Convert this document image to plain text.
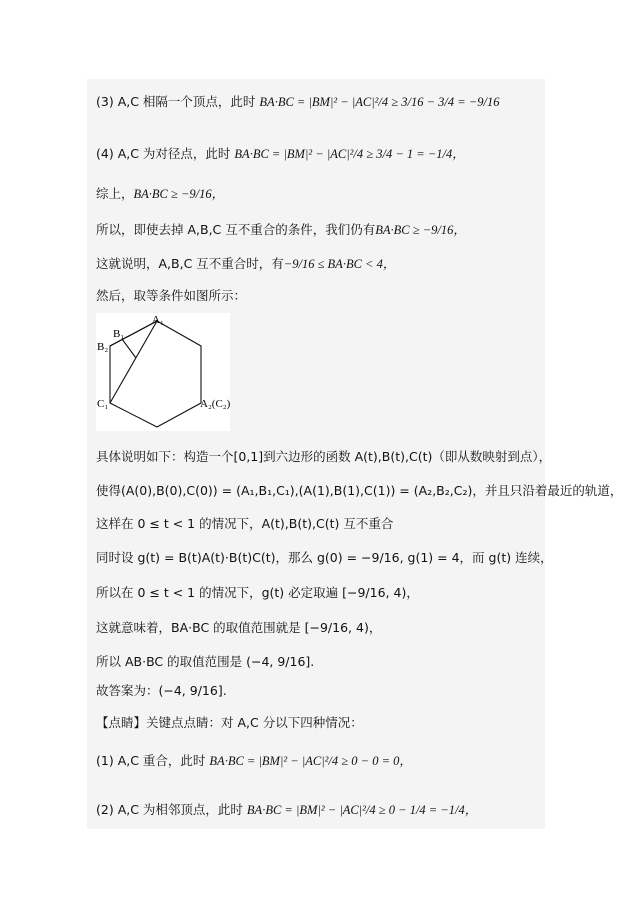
(3) A,C 相隔一个顶点，此时 BA·BC = |BM|² − |AC|²/4 ≥ 3/16 − 3/4 = −9/16
(4) A,C 为对径点，此时 BA·BC = |BM|² − |AC|²/4 ≥ 3/4 − 1 = −1/4，
综上，BA·BC ≥ −9/16，
所以，即使去掉 A,B,C 互不重合的条件，我们仍有BA·BC ≥ −9/16，
这就说明，A,B,C 互不重合时，有−9/16 ≤ BA·BC < 4，
然后，取等条件如图所示：
A₁
B₁
B₂
C₁	A₂(C₂)
具体说明如下：构造一个[0,1]到六边形的函数 A(t),B(t),C(t)（即从数映射到点），
使得(A(0),B(0),C(0)) = (A₁,B₁,C₁),(A(1),B(1),C(1)) = (A₂,B₂,C₂)，并且只沿着最近的轨道，
这样在 0 ≤ t < 1 的情况下，A(t),B(t),C(t) 互不重合
同时设 g(t) = B(t)A(t)·B(t)C(t)，那么 g(0) = −9/16, g(1) = 4，而 g(t) 连续，
所以在 0 ≤ t < 1 的情况下，g(t) 必定取遍 [−9/16, 4)，
这就意味着，BA·BC 的取值范围就是 [−9/16, 4)，
所以 AB·BC 的取值范围是 (−4, 9/16].
故答案为：(−4, 9/16].
【点睛】关键点点睛：对 A,C 分以下四种情况：
(1) A,C 重合，此时 BA·BC = |BM|² − |AC|²/4 ≥ 0 − 0 = 0，
(2) A,C 为相邻顶点，此时 BA·BC = |BM|² − |AC|²/4 ≥ 0 − 1/4 = −1/4，
